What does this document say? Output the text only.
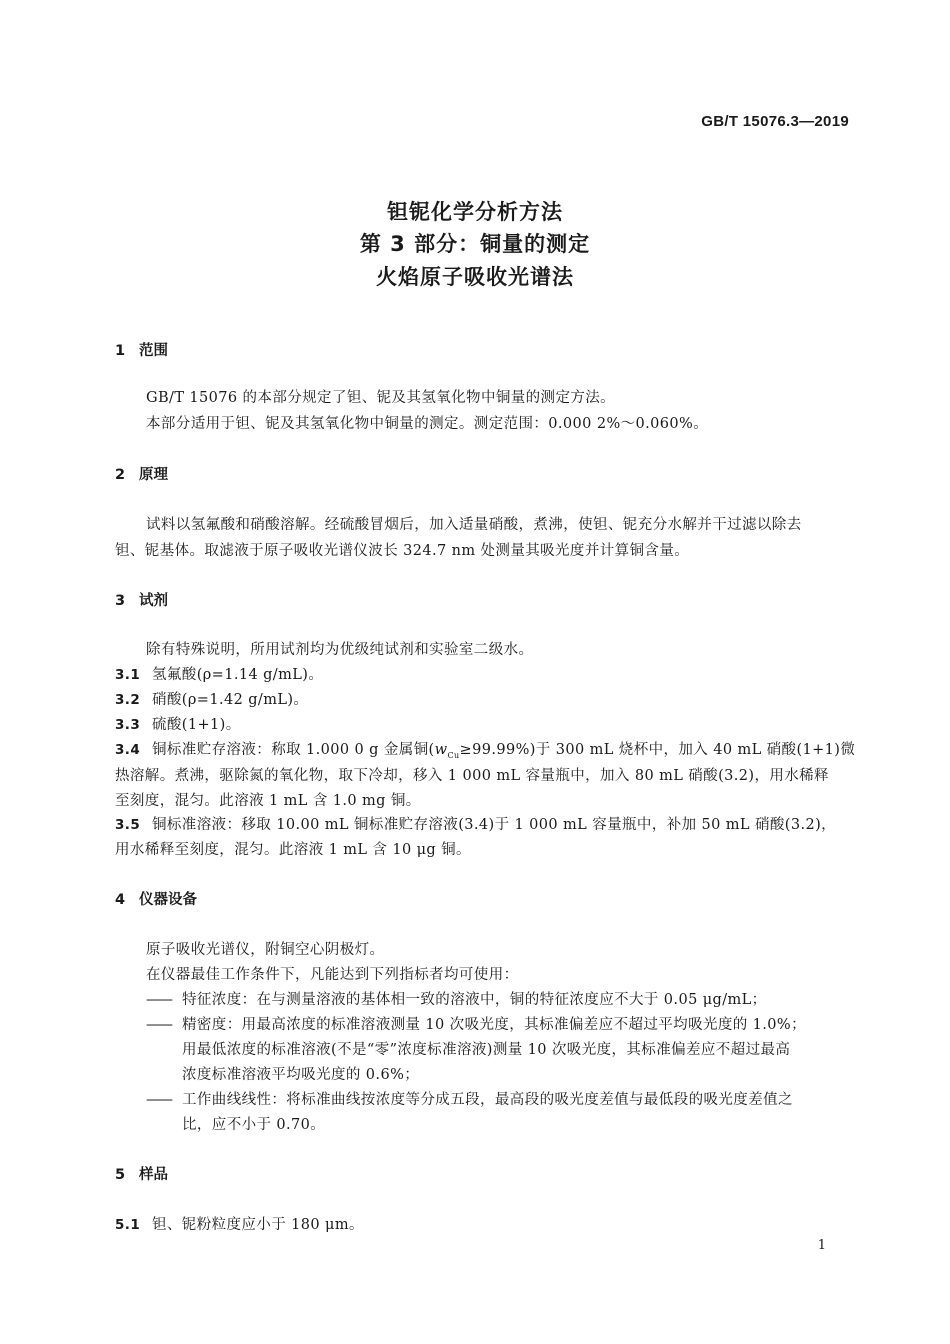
GB/T 15076.3—2019
钽铌化学分析方法
第 3 部分：铜量的测定
火焰原子吸收光谱法
1 范围
GB/T 15076 的本部分规定了钽、铌及其氢氧化物中铜量的测定方法。
本部分适用于钽、铌及其氢氧化物中铜量的测定。测定范围：0.000 2%～0.060%。
2 原理
试料以氢氟酸和硝酸溶解。经硫酸冒烟后，加入适量硝酸，煮沸，使钽、铌充分水解并干过滤以除去
钽、铌基体。取滤液于原子吸收光谱仪波长 324.7 nm 处测量其吸光度并计算铜含量。
3 试剂
除有特殊说明，所用试剂均为优级纯试剂和实验室二级水。
3.1 氢氟酸(ρ=1.14 g/mL)。
3.2 硝酸(ρ=1.42 g/mL)。
3.3 硫酸(1+1)。
3.4 铜标准贮存溶液：称取 1.000 0 g 金属铜$(w_{Cu}\ge 99.99\%)$于 300 mL 烧杯中，加入 40 mL 硝酸(1+1)微
热溶解。煮沸，驱除氮的氧化物，取下冷却，移入 1 000 mL 容量瓶中，加入 80 mL 硝酸(3.2)，用水稀释
至刻度，混匀。此溶液 1 mL 含 1.0 mg 铜。
3.5 铜标准溶液：移取 10.00 mL 铜标准贮存溶液(3.4)于 1 000 mL 容量瓶中，补加 50 mL 硝酸(3.2)，
用水稀释至刻度，混匀。此溶液 1 mL 含 10 μg 铜。
4 仪器设备
原子吸收光谱仪，附铜空心阴极灯。
在仪器最佳工作条件下，凡能达到下列指标者均可使用：
—— 特征浓度：在与测量溶液的基体相一致的溶液中，铜的特征浓度应不大于 0.05 μg/mL；
—— 精密度：用最高浓度的标准溶液测量 10 次吸光度，其标准偏差应不超过平均吸光度的 1.0%；
用最低浓度的标准溶液(不是“零”浓度标准溶液)测量 10 次吸光度，其标准偏差应不超过最高
浓度标准溶液平均吸光度的 0.6%；
—— 工作曲线线性：将标准曲线按浓度等分成五段，最高段的吸光度差值与最低段的吸光度差值之
比，应不小于 0.70。
5 样品
5.1 钽、铌粉粒度应小于 180 μm。
1
